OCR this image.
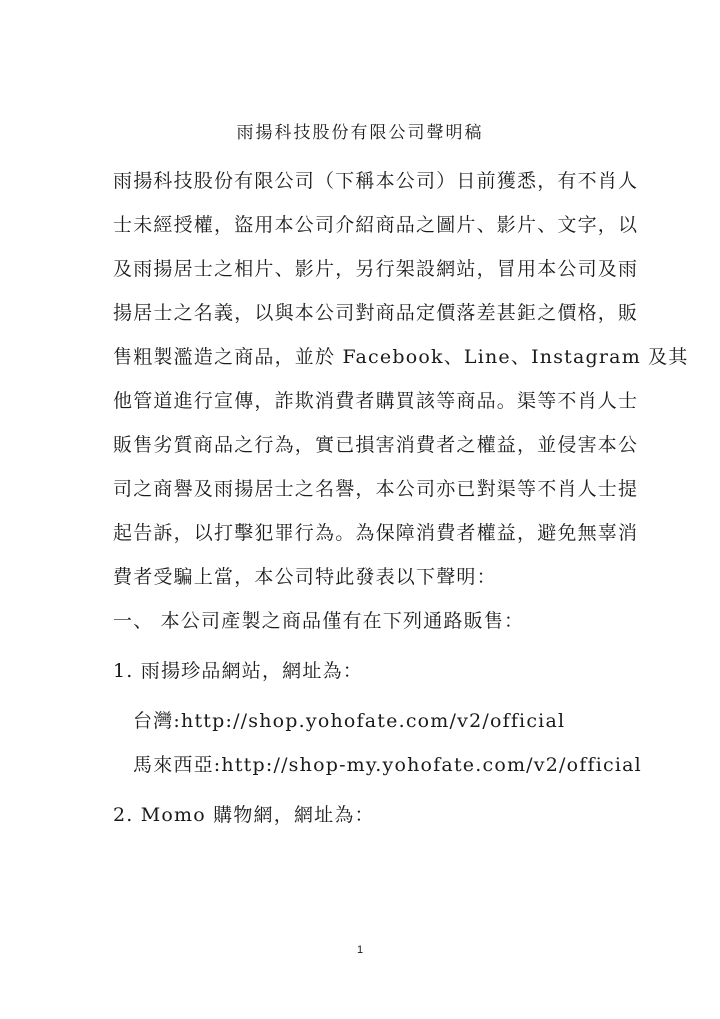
雨揚科技股份有限公司聲明稿
雨揚科技股份有限公司（下稱本公司）日前獲悉，有不肖人
士未經授權，盜用本公司介紹商品之圖片、影片、文字，以
及雨揚居士之相片、影片，另行架設網站，冒用本公司及雨
揚居士之名義，以與本公司對商品定價落差甚鉅之價格，販
售粗製濫造之商品，並於 Facebook、Line、Instagram 及其
他管道進行宣傳，詐欺消費者購買該等商品。渠等不肖人士
販售劣質商品之行為，實已損害消費者之權益，並侵害本公
司之商譽及雨揚居士之名譽，本公司亦已對渠等不肖人士提
起告訴，以打擊犯罪行為。為保障消費者權益，避免無辜消
費者受騙上當，本公司特此發表以下聲明：
一、 本公司產製之商品僅有在下列通路販售：
1. 雨揚珍品網站，網址為：
台灣:http://shop.yohofate.com/v2/official
馬來西亞:http://shop-my.yohofate.com/v2/official
2. Momo 購物網，網址為：
1
